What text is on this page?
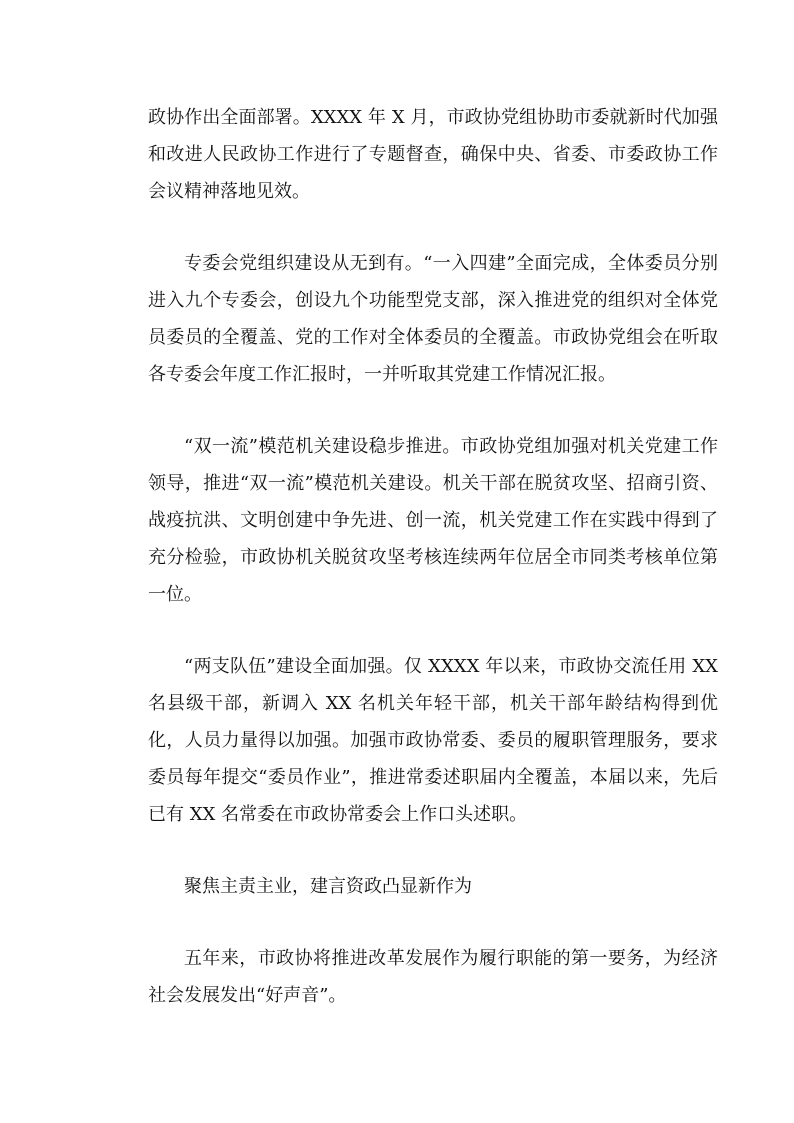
政协作出全面部署。XXXX 年 X 月，市政协党组协助市委就新时代加强和改进人民政协工作进行了专题督查，确保中央、省委、市委政协工作会议精神落地见效。

专委会党组织建设从无到有。“一入四建”全面完成，全体委员分别进入九个专委会，创设九个功能型党支部，深入推进党的组织对全体党员委员的全覆盖、党的工作对全体委员的全覆盖。市政协党组会在听取各专委会年度工作汇报时，一并听取其党建工作情况汇报。

“双一流”模范机关建设稳步推进。市政协党组加强对机关党建工作领导，推进“双一流”模范机关建设。机关干部在脱贫攻坚、招商引资、战疫抗洪、文明创建中争先进、创一流，机关党建工作在实践中得到了充分检验，市政协机关脱贫攻坚考核连续两年位居全市同类考核单位第一位。

“两支队伍”建设全面加强。仅 XXXX 年以来，市政协交流任用 XX 名县级干部，新调入 XX 名机关年轻干部，机关干部年龄结构得到优化，人员力量得以加强。加强市政协常委、委员的履职管理服务，要求委员每年提交“委员作业”，推进常委述职届内全覆盖，本届以来，先后已有 XX 名常委在市政协常委会上作口头述职。

聚焦主责主业，建言资政凸显新作为

五年来，市政协将推进改革发展作为履行职能的第一要务，为经济社会发展发出“好声音”。
